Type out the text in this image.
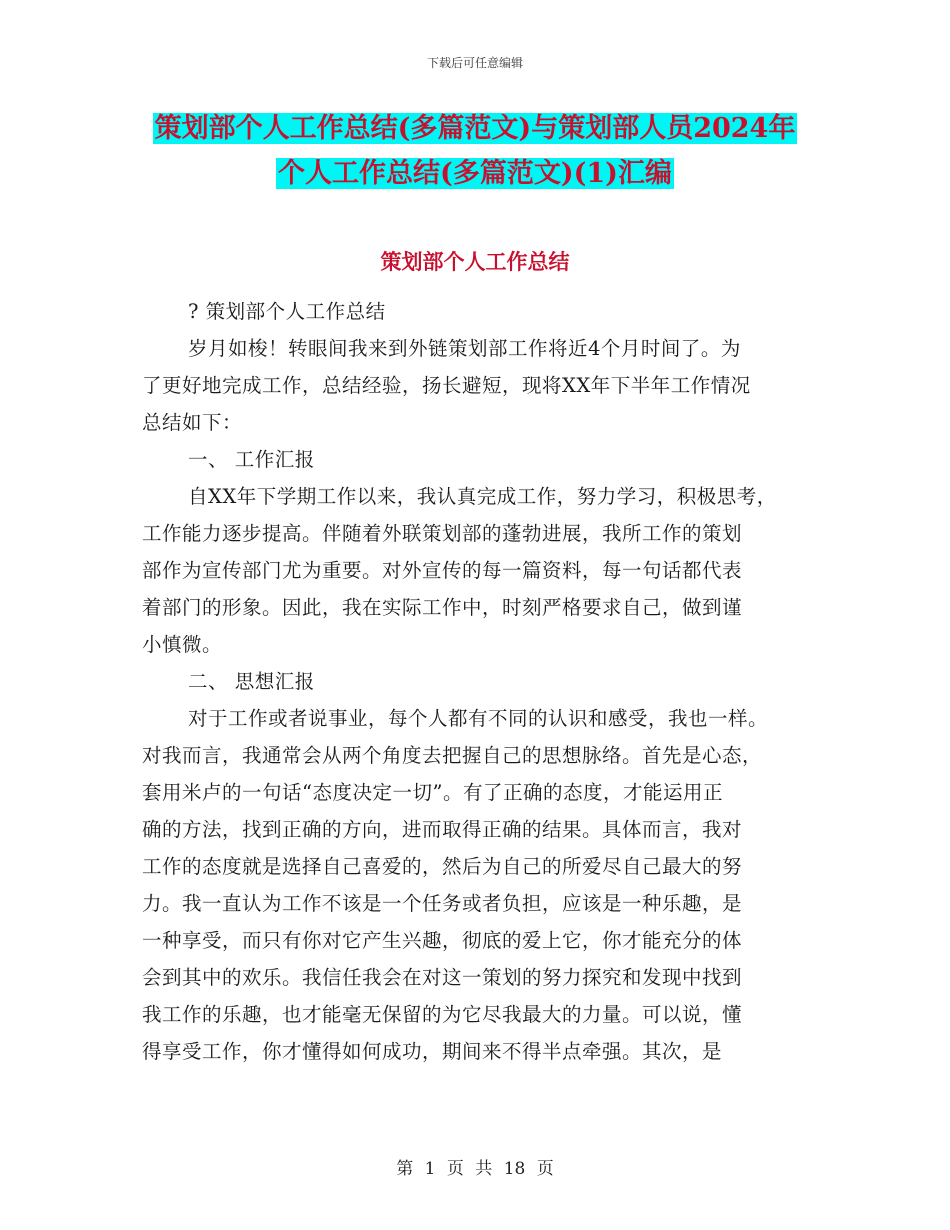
下载后可任意编辑
策划部个人工作总结(多篇范文)与策划部人员2024年
个人工作总结(多篇范文)(1)汇编
策划部个人工作总结
? 策划部个人工作总结
岁月如梭！转眼间我来到外链策划部工作将近4个月时间了。为
了更好地完成工作，总结经验，扬长避短，现将XX年下半年工作情况
总结如下：
一、 工作汇报
自XX年下学期工作以来，我认真完成工作，努力学习，积极思考，
工作能力逐步提高。伴随着外联策划部的蓬勃进展，我所工作的策划
部作为宣传部门尤为重要。对外宣传的每一篇资料，每一句话都代表
着部门的形象。因此，我在实际工作中，时刻严格要求自己，做到谨
小慎微。
二、 思想汇报
对于工作或者说事业，每个人都有不同的认识和感受，我也一样。
对我而言，我通常会从两个角度去把握自己的思想脉络。首先是心态，
套用米卢的一句话“态度决定一切”。有了正确的态度，才能运用正
确的方法，找到正确的方向，进而取得正确的结果。具体而言，我对
工作的态度就是选择自己喜爱的，然后为自己的所爱尽自己最大的努
力。我一直认为工作不该是一个任务或者负担，应该是一种乐趣，是
一种享受，而只有你对它产生兴趣，彻底的爱上它，你才能充分的体
会到其中的欢乐。我信任我会在对这一策划的努力探究和发现中找到
我工作的乐趣，也才能毫无保留的为它尽我最大的力量。可以说，懂
得享受工作，你才懂得如何成功，期间来不得半点牵强。其次，是
第 1 页 共 18 页
